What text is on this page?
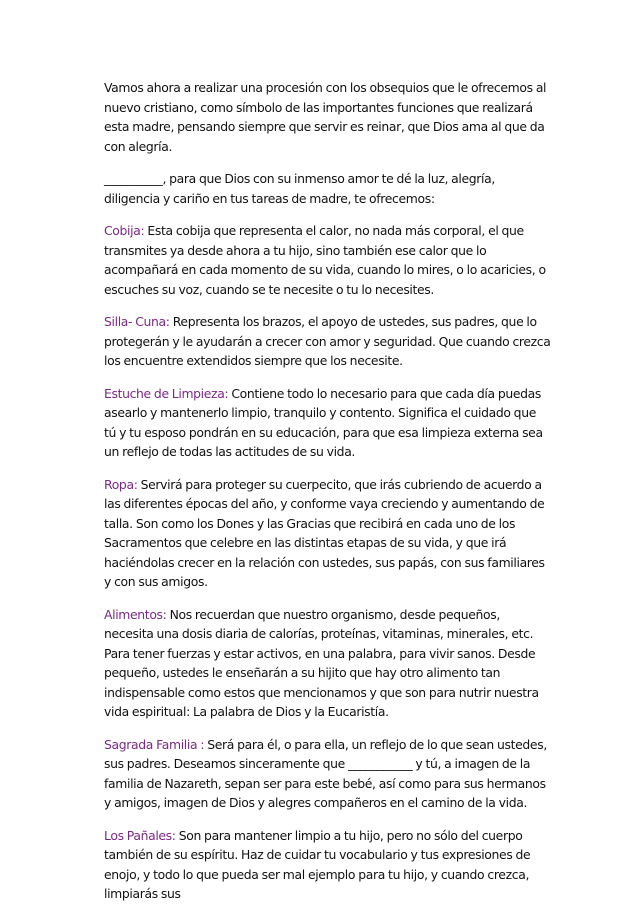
Vamos ahora a realizar una procesión con los obsequios que le ofrecemos al nuevo cristiano, como símbolo de las importantes funciones que realizará esta madre, pensando siempre que servir es reinar, que Dios ama al que da con alegría.

__________, para que Dios con su inmenso amor te dé la luz, alegría, diligencia y cariño en tus tareas de madre, te ofrecemos:

Cobija: Esta cobija que representa el calor, no nada más corporal, el que transmites ya desde ahora a tu hijo, sino también ese calor que lo acompañará en cada momento de su vida, cuando lo mires, o lo acaricies, o escuches su voz, cuando se te necesite o tu lo necesites.

Silla- Cuna: Representa los brazos, el apoyo de ustedes, sus padres, que lo protegerán y le ayudarán a crecer con amor y seguridad. Que cuando crezca los encuentre extendidos siempre que los necesite.

Estuche de Limpieza: Contiene todo lo necesario para que cada día puedas asearlo y mantenerlo limpio, tranquilo y contento. Significa el cuidado que tú y tu esposo pondrán en su educación, para que esa limpieza externa sea un reflejo de todas las actitudes de su vida.

Ropa: Servirá para proteger su cuerpecito, que irás cubriendo de acuerdo a las diferentes épocas del año, y conforme vaya creciendo y aumentando de talla. Son como los Dones y las Gracias que recibirá en cada uno de los Sacramentos que celebre en las distintas etapas de su vida, y que irá haciéndolas crecer en la relación con ustedes, sus papás, con sus familiares y con sus amigos.

Alimentos: Nos recuerdan que nuestro organismo, desde pequeños, necesita una dosis diaria de calorías, proteínas, vitaminas, minerales, etc. Para tener fuerzas y estar activos, en una palabra, para vivir sanos. Desde pequeño, ustedes le enseñarán a su hijito que hay otro alimento tan indispensable como estos que mencionamos y que son para nutrir nuestra vida espiritual: La palabra de Dios y la Eucaristía.

Sagrada Familia : Será para él, o para ella, un reflejo de lo que sean ustedes, sus padres. Deseamos sinceramente que ___________ y tú, a imagen de la familia de Nazareth, sepan ser para este bebé, así como para sus hermanos y amigos, imagen de Dios y alegres compañeros en el camino de la vida.

Los Pañales: Son para mantener limpio a tu hijo, pero no sólo del cuerpo también de su espíritu. Haz de cuidar tu vocabulario y tus expresiones de enojo, y todo lo que pueda ser mal ejemplo para tu hijo, y cuando crezca, limpiarás sus
